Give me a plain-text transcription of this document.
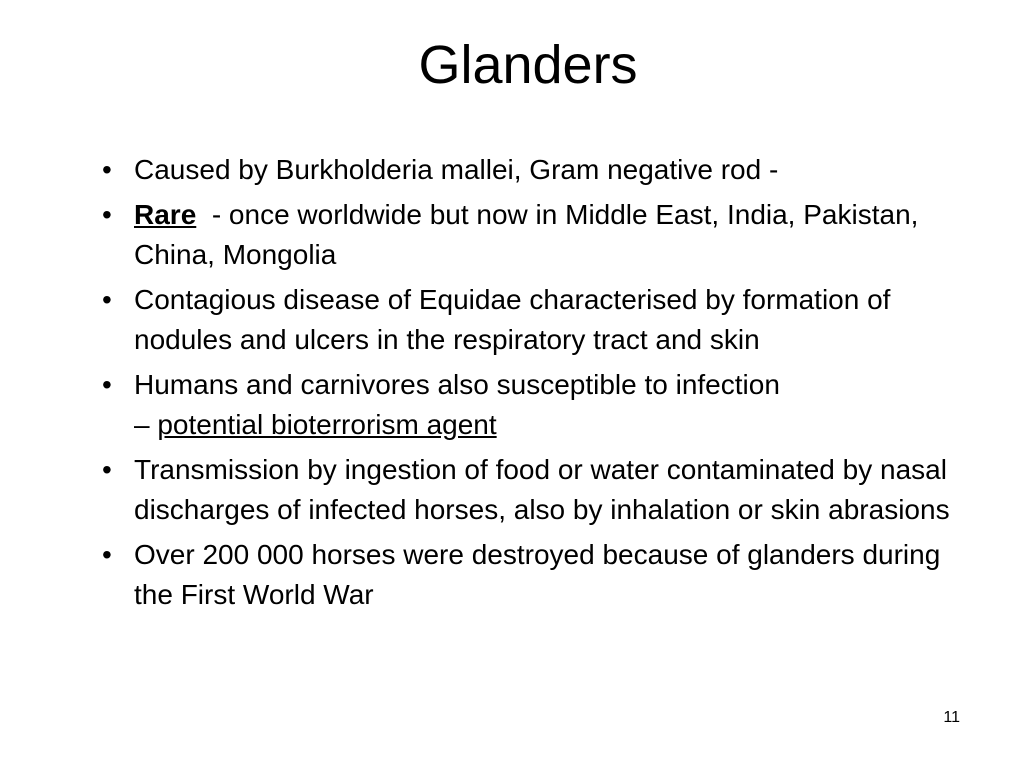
Glanders
• Caused by Burkholderia mallei, Gram negative rod -
• Rare  - once worldwide but now in Middle East, India, Pakistan, China, Mongolia
• Contagious disease of Equidae characterised by formation of nodules and ulcers in the respiratory tract and skin
• Humans and carnivores also susceptible to infection
– potential bioterrorism agent
• Transmission by ingestion of food or water contaminated by nasal discharges of infected horses, also by inhalation or skin abrasions
• Over 200 000 horses were destroyed because of glanders during the First World War
11
